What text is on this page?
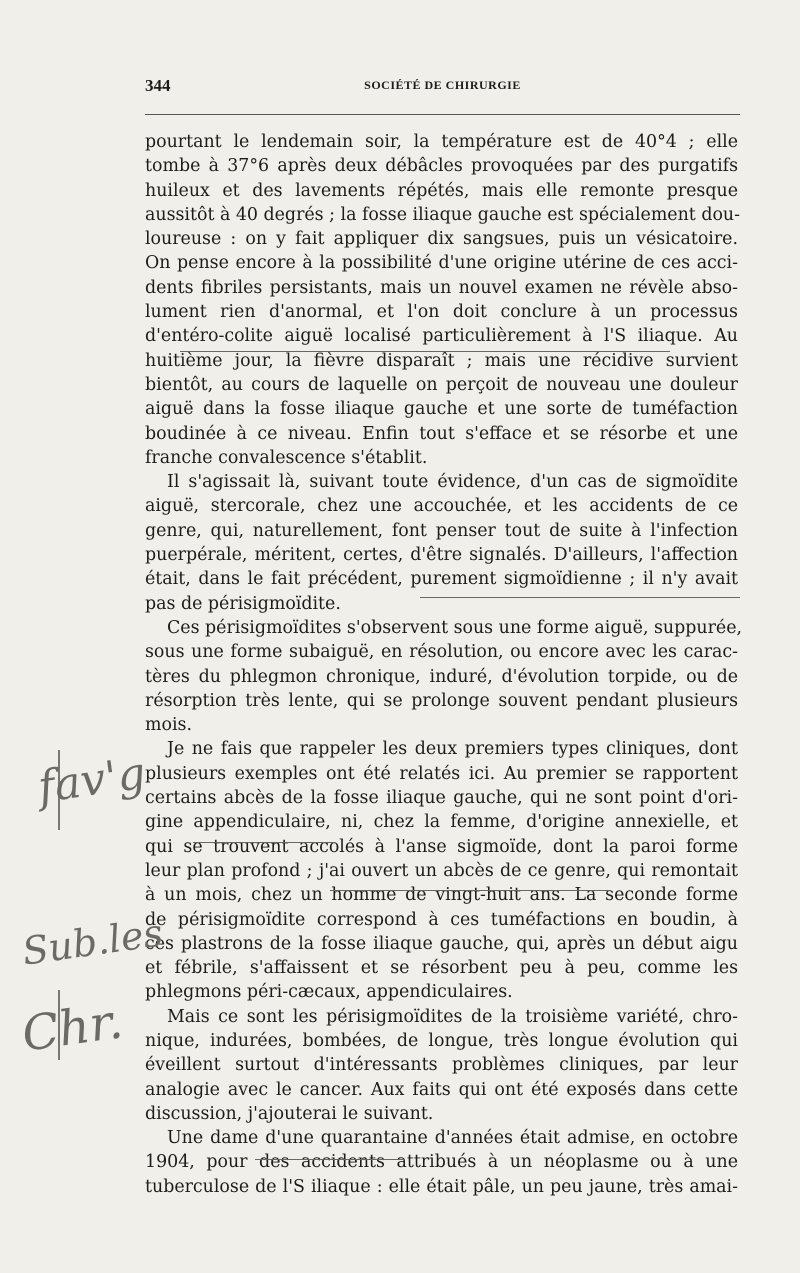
344	SOCIÉTÉ DE CHIRURGIE
pourtant le lendemain soir, la température est de 40°4 ; elle
tombe à 37°6 après deux débâcles provoquées par des purgatifs
huileux et des lavements répétés, mais elle remonte presque
aussitôt à 40 degrés ; la fosse iliaque gauche est spécialement dou-
loureuse : on y fait appliquer dix sangsues, puis un vésicatoire.
On pense encore à la possibilité d'une origine utérine de ces acci-
dents fibriles persistants, mais un nouvel examen ne révèle abso-
lument rien d'anormal, et l'on doit conclure à un processus
d'entéro-colite aiguë localisé particulièrement à l'S iliaque. Au
huitième jour, la fièvre disparaît ; mais une récidive survient
bientôt, au cours de laquelle on perçoit de nouveau une douleur
aiguë dans la fosse iliaque gauche et une sorte de tuméfaction
boudinée à ce niveau. Enfin tout s'efface et se résorbe et une
franche convalescence s'établit.
Il s'agissait là, suivant toute évidence, d'un cas de sigmoïdite
aiguë, stercorale, chez une accouchée, et les accidents de ce
genre, qui, naturellement, font penser tout de suite à l'infection
puerpérale, méritent, certes, d'être signalés. D'ailleurs, l'affection
était, dans le fait précédent, purement sigmoïdienne ; il n'y avait
pas de périsigmoïdite.
Ces périsigmoïdites s'observent sous une forme aiguë, suppurée,
sous une forme subaiguë, en résolution, ou encore avec les carac-
tères du phlegmon chronique, induré, d'évolution torpide, ou de
résorption très lente, qui se prolonge souvent pendant plusieurs
mois.
Je ne fais que rappeler les deux premiers types cliniques, dont
plusieurs exemples ont été relatés ici. Au premier se rapportent
certains abcès de la fosse iliaque gauche, qui ne sont point d'ori-
gine appendiculaire, ni, chez la femme, d'origine annexielle, et
qui se trouvent accolés à l'anse sigmoïde, dont la paroi forme
leur plan profond ; j'ai ouvert un abcès de ce genre, qui remontait
à un mois, chez un homme de vingt-huit ans. La seconde forme
de périsigmoïdite correspond à ces tuméfactions en boudin, à
ces plastrons de la fosse iliaque gauche, qui, après un début aigu
et fébrile, s'affaissent et se résorbent peu à peu, comme les
phlegmons péri-cæcaux, appendiculaires.
Mais ce sont les périsigmoïdites de la troisième variété, chro-
nique, indurées, bombées, de longue, très longue évolution qui
éveillent surtout d'intéressants problèmes cliniques, par leur
analogie avec le cancer. Aux faits qui ont été exposés dans cette
discussion, j'ajouterai le suivant.
Une dame d'une quarantaine d'années était admise, en octobre
1904, pour des accidents attribués à un néoplasme ou à une
tuberculose de l'S iliaque : elle était pâle, un peu jaune, très amai-
fav'g
Sub.les
Chr.
